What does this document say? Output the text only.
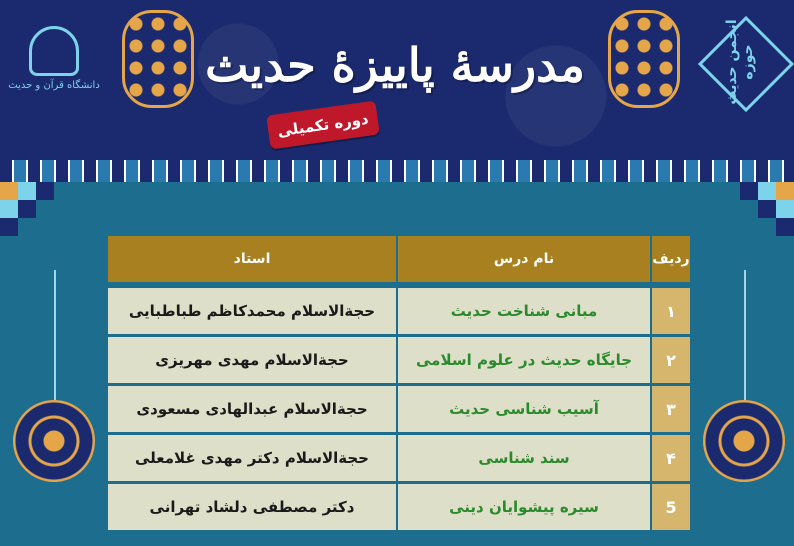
دانشگاه قرآن و حدیث	انجمن حدیث حوزه
مدرسهٔ پاییزهٔ حدیث
دوره تکمیلی
استاد	نام درس	ردیف
حجةالاسلام محمدکاظم طباطبایی	مبانی شناخت حدیث	۱
حجةالاسلام مهدی مهریزی	جایگاه حدیث در علوم اسلامی	۲
حجةالاسلام عبدالهادی مسعودی	آسیب شناسی حدیث	۳
حجةالاسلام دکتر مهدی غلامعلی	سند شناسی	۴
دکتر مصطفی دلشاد تهرانی	سیره پیشوایان دینی	5
